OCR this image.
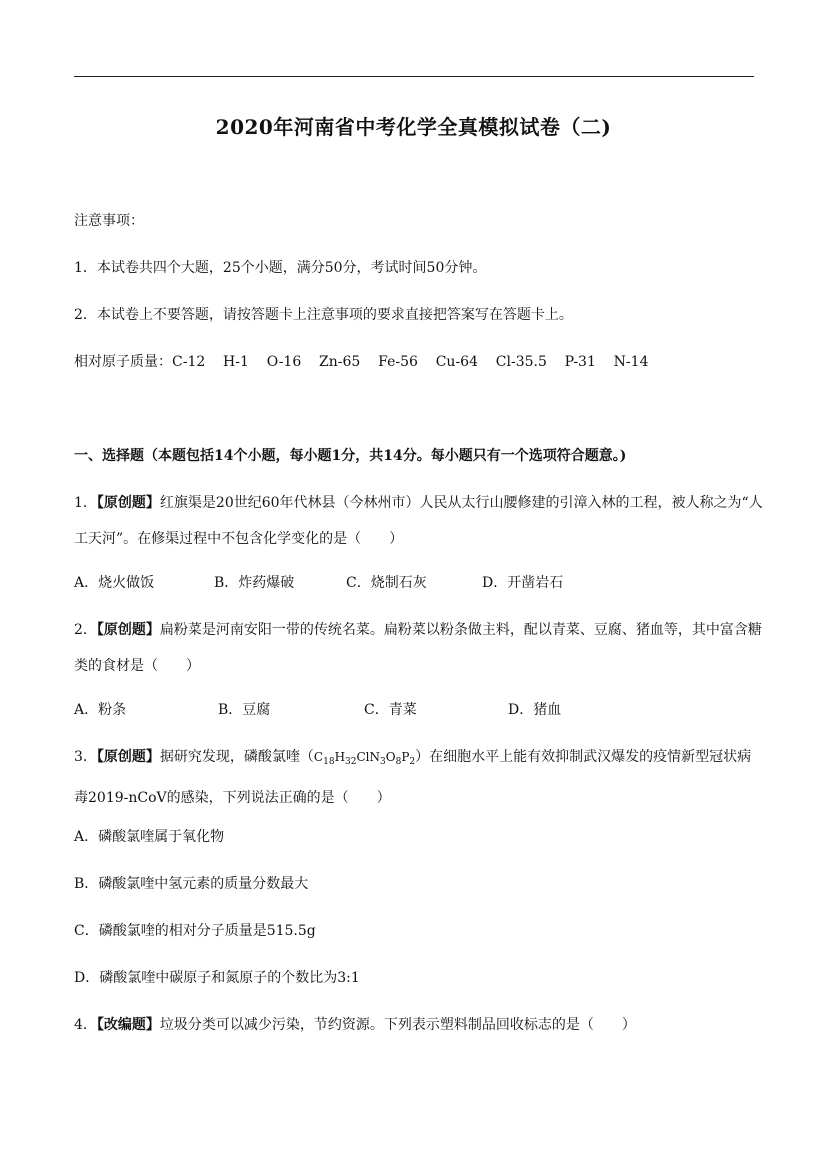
2020年河南省中考化学全真模拟试卷（二)
注意事项：
1．本试卷共四个大题，25个小题，满分50分，考试时间50分钟。
2．本试卷上不要答题，请按答题卡上注意事项的要求直接把答案写在答题卡上。
相对原子质量：C-12    H-1    O-16    Zn-65    Fe-56    Cu-64    Cl-35.5    P-31    N-14
一、选择题（本题包括14个小题，每小题1分，共14分。每小题只有一个选项符合题意。)
1．【原创题】红旗渠是20世纪60年代林县（今林州市）人民从太行山腰修建的引漳入林的工程，被人称之为“人工天河”。在修渠过程中不包含化学变化的是（　　）
A．烧火做饭	B．炸药爆破	C．烧制石灰	D．开凿岩石
2．【原创题】扁粉菜是河南安阳一带的传统名菜。扁粉菜以粉条做主料，配以青菜、豆腐、猪血等，其中富含糖类的食材是（　　）
A．粉条	B．豆腐	C．青菜	D．猪血
3．【原创题】据研究发现，磷酸氯喹$(C_{18}H_{32}ClN_3O_8P_2)$在细胞水平上能有效抑制武汉爆发的疫情新型冠状病毒2019-nCoV的感染，下列说法正确的是（　　）
A．磷酸氯喹属于氧化物
B．磷酸氯喹中氢元素的质量分数最大
C．磷酸氯喹的相对分子质量是515.5g
D．磷酸氯喹中碳原子和氮原子的个数比为3:1
4．【改编题】垃圾分类可以减少污染，节约资源。下列表示塑料制品回收标志的是（　　）
